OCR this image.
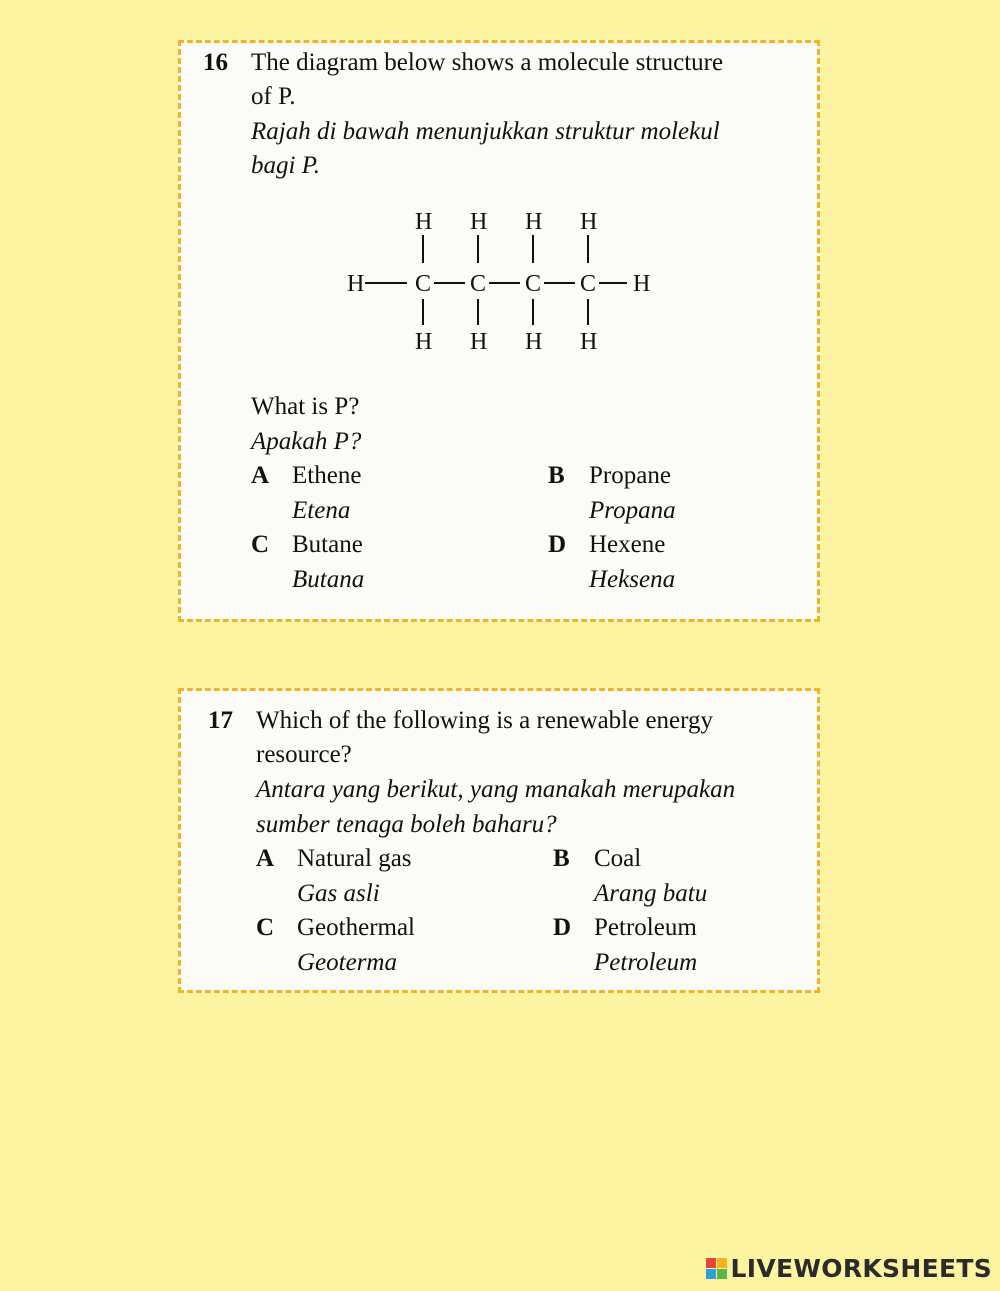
16 The diagram below shows a molecule structure
of P.
Rajah di bawah menunjukkan struktur molekul
bagi P.
H H H H
H C C C C H
H H H H
What is P?
Apakah P?
A Ethene
Etena
B Propane
Propana
C Butane
Butana
D Hexene
Heksena
17 Which of the following is a renewable energy
resource?
Antara yang berikut, yang manakah merupakan
sumber tenaga boleh baharu?
A Natural gas
Gas asli
B Coal
Arang batu
C Geothermal
Geoterma
D Petroleum
Petroleum
LIVEWORKSHEETS
